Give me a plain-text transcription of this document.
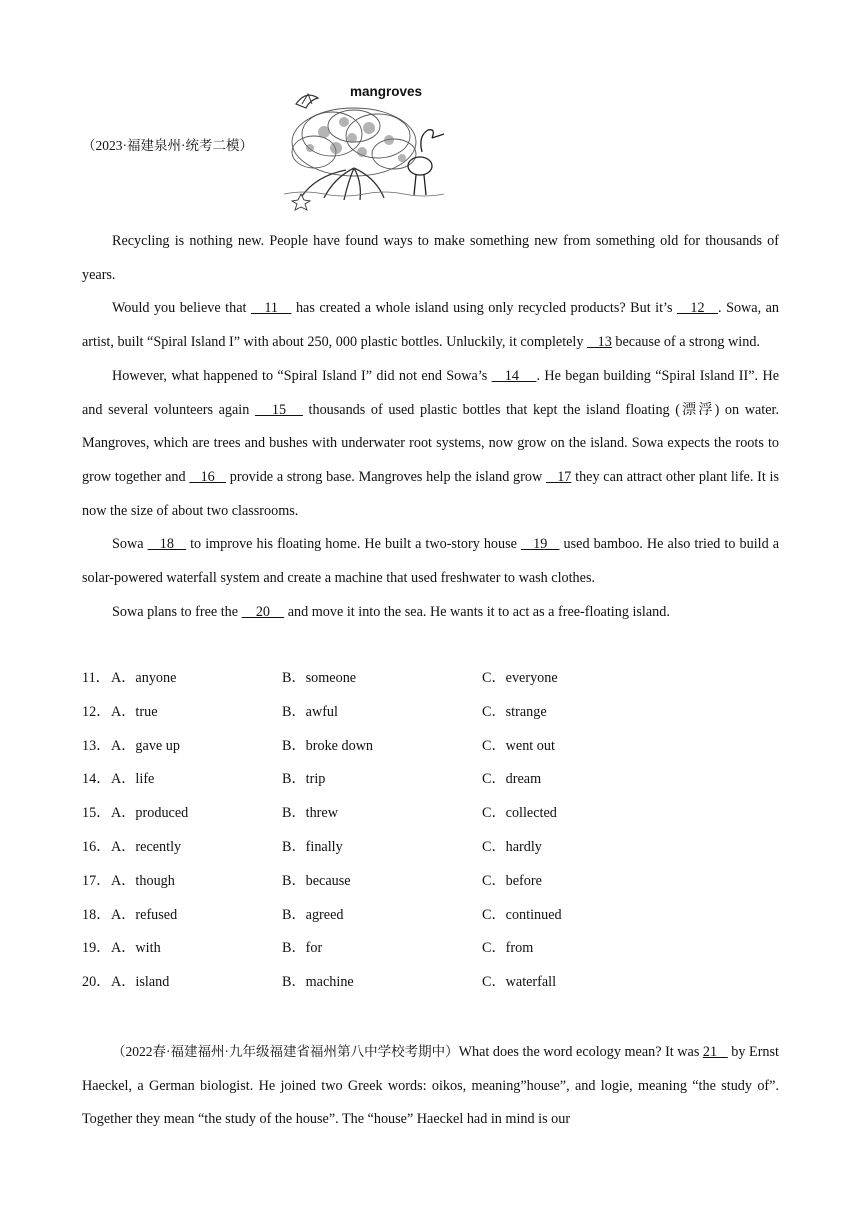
（2023·福建泉州·统考二模）
mangroves

Recycling is nothing new. People have found ways to make something new from something old for thousands of years.

Would you believe that    11    has created a whole island using only recycled products? But it’s    12   . Sowa, an artist, built “Spiral Island I” with about 250, 000 plastic bottles. Unluckily, it completely    13 because of a strong wind.

However, what happened to “Spiral Island I” did not end Sowa’s    14    . He began building “Spiral Island II”. He and several volunteers again    15    thousands of used plastic bottles that kept the island floating (漂浮) on water. Mangroves, which are trees and bushes with underwater root systems, now grow on the island. Sowa expects the roots to grow together and    16    provide a strong base. Mangroves help the island grow    17 they can attract other plant life. It is now the size of about two classrooms.

Sowa    18    to improve his floating home. He built a two-story house    19    used bamboo. He also tried to build a solar-powered waterfall system and create a machine that used freshwater to wash clothes.

Sowa plans to free the     20     and move it into the sea. He wants it to act as a free-floating island.

11． A．anyone	B．someone	C．everyone
12． A．true	B．awful	C．strange
13． A．gave up	B．broke down	C．went out
14． A．life	B．trip	C．dream
15． A．produced	B．threw	C．collected
16． A．recently	B．finally	C．hardly
17． A．though	B．because	C．before
18． A．refused	B．agreed	C．continued
19． A．with	B．for	C．from
20． A．island	B．machine	C．waterfall

（2022春·福建福州·九年级福建省福州第八中学校考期中）What does the word ecology mean? It was 21    by Ernst Haeckel, a German biologist. He joined two Greek words: oikos, meaning”house”, and logie, meaning “the study of”. Together they mean “the study of the house”. The “house” Haeckel had in mind is our
